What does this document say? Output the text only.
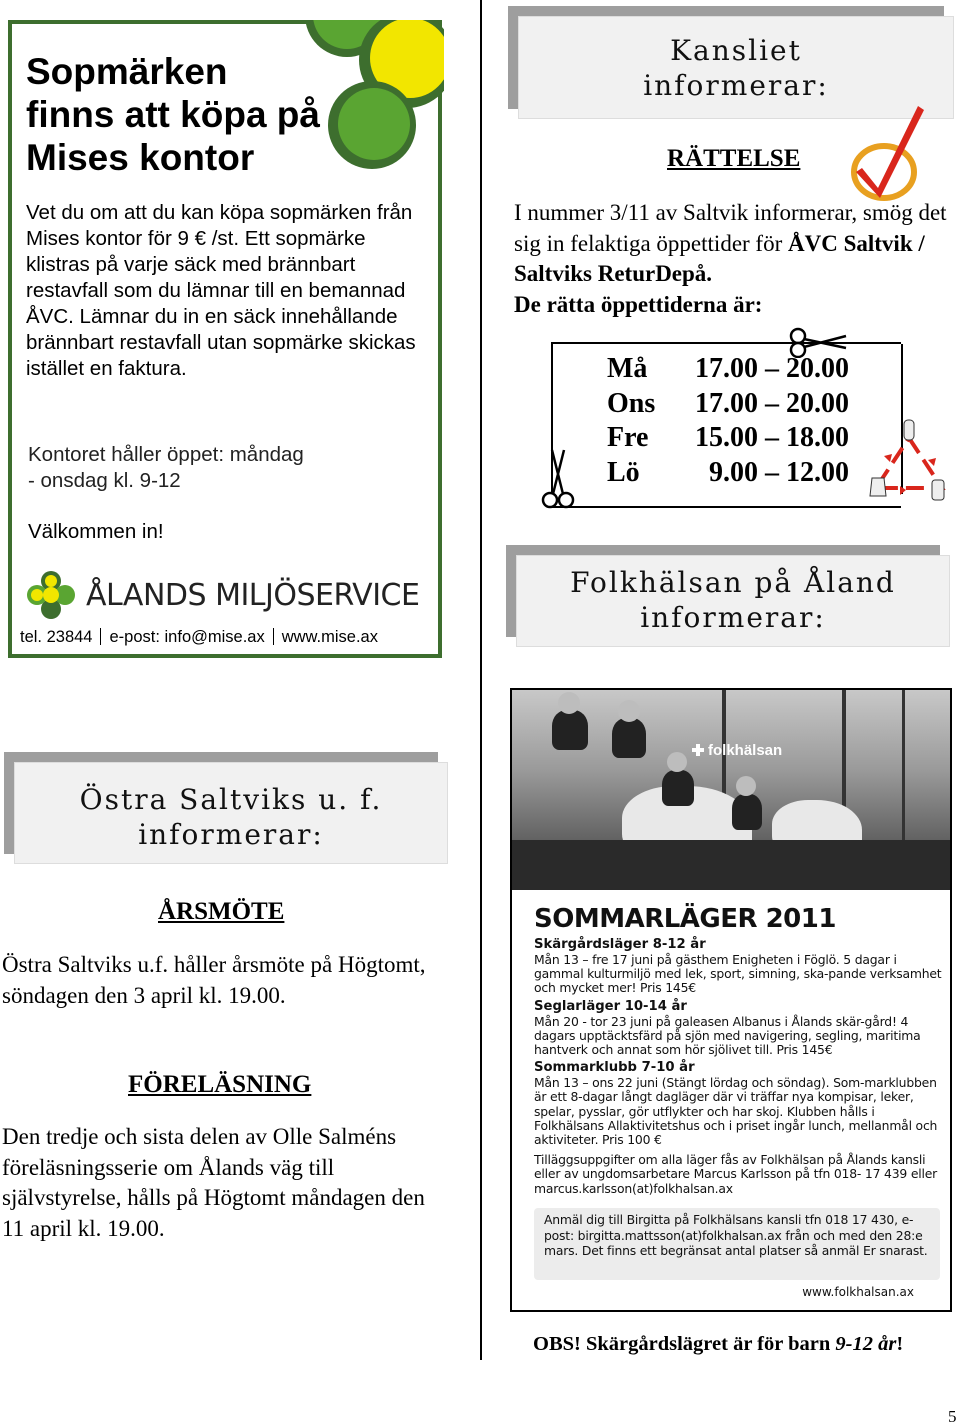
Sopmärken finns att köpa på Mises kontor
Vet du om att du kan köpa sopmärken från Mises kontor för 9 € /st. Ett sopmärke klistras på varje säck med brännbart restavfall som du lämnar till en bemannad ÅVC. Lämnar du in en säck innehållande brännbart restavfall utan sopmärke skickas istället en faktura.
Kontoret håller öppet: måndag - onsdag kl. 9-12
Välkommen in!
ÅLANDS MILJÖSERVICE
tel. 23844 e-post: info@mise.ax www.mise.ax
Kansliet informerar:
RÄTTELSE
I nummer 3/11 av Saltvik informerar, smög det sig in felaktiga öppettider för ÅVC Saltvik / Saltviks ReturDepå.
De rätta öppettiderna är:
Må	17.00 – 20.00
Ons	17.00 – 20.00
Fre	15.00 – 18.00
Lö	9.00 – 12.00
Folkhälsan på Åland informerar:
Östra Saltviks u. f. informerar:
ÅRSMÖTE
Östra Saltviks u.f. håller årsmöte på Högtomt, söndagen den 3 april kl. 19.00.
FÖRELÄSNING
Den tredje och sista delen av Olle Salméns föreläsningsserie om Ålands väg till självstyrelse, hålls på Högtomt måndagen den 11 april kl. 19.00.
folkhälsan
SOMMARLÄGER 2011
Skärgårdsläger 8-12 år
Mån 13 – fre 17 juni på gästhem Enigheten i Föglö. 5 dagar i gammal kulturmiljö med lek, sport, simning, ska-pande verksamhet och mycket mer! Pris 145€
Seglarläger 10-14 år
Mån 20 - tor 23 juni på galeasen Albanus i Ålands skär-gård! 4 dagars upptäcktsfärd på sjön med navigering, segling, maritima hantverk och annat som hör sjölivet till. Pris 145€
Sommarklubb 7-10 år
Mån 13 – ons 22 juni (Stängt lördag och söndag). Som-marklubben är ett 8-dagar långt dagläger där vi träffar nya kompisar, leker, spelar, pysslar, gör utflykter och har skoj. Klubben hålls i Folkhälsans Allaktivitetshus och i priset ingår lunch, mellanmål och aktiviteter. Pris 100 €
Tilläggsuppgifter om alla läger fås av Folkhälsan på Ålands kansli eller av ungdomsarbetare Marcus Karlsson på tfn 018- 17 439 eller marcus.karlsson(at)folkhalsan.ax
Anmäl dig till Birgitta på Folkhälsans kansli tfn 018 17 430, e-post: birgitta.mattsson(at)folkhalsan.ax från och med den 28:e mars. Det finns ett begränsat antal platser så anmäl Er snarast.
www.folkhalsan.ax
OBS! Skärgårdslägret är för barn 9-12 år!
5
